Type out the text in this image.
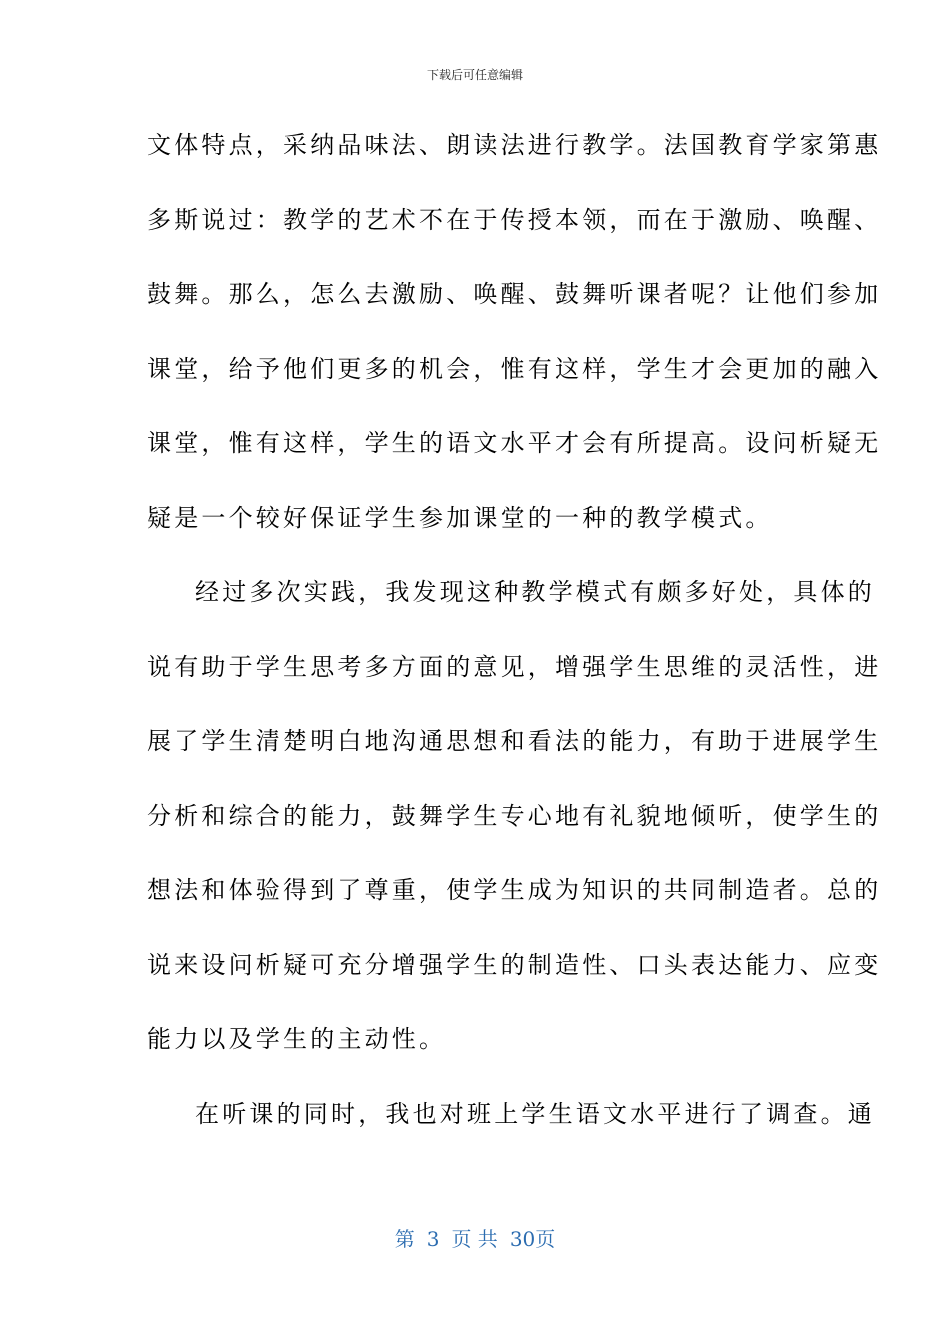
下载后可任意编辑
文体特点，采纳品味法、朗读法进行教学。法国教育学家第惠
多斯说过：教学的艺术不在于传授本领，而在于激励、唤醒、
鼓舞。那么，怎么去激励、唤醒、鼓舞听课者呢？让他们参加
课堂，给予他们更多的机会，惟有这样，学生才会更加的融入
课堂，惟有这样，学生的语文水平才会有所提高。设问析疑无
疑是一个较好保证学生参加课堂的一种的教学模式。
经过多次实践，我发现这种教学模式有颇多好处，具体的
说有助于学生思考多方面的意见，增强学生思维的灵活性，进
展了学生清楚明白地沟通思想和看法的能力，有助于进展学生
分析和综合的能力，鼓舞学生专心地有礼貌地倾听，使学生的
想法和体验得到了尊重，使学生成为知识的共同制造者。总的
说来设问析疑可充分增强学生的制造性、口头表达能力、应变
能力以及学生的主动性。
在听课的同时，我也对班上学生语文水平进行了调查。通
第 3 页 共 30页
